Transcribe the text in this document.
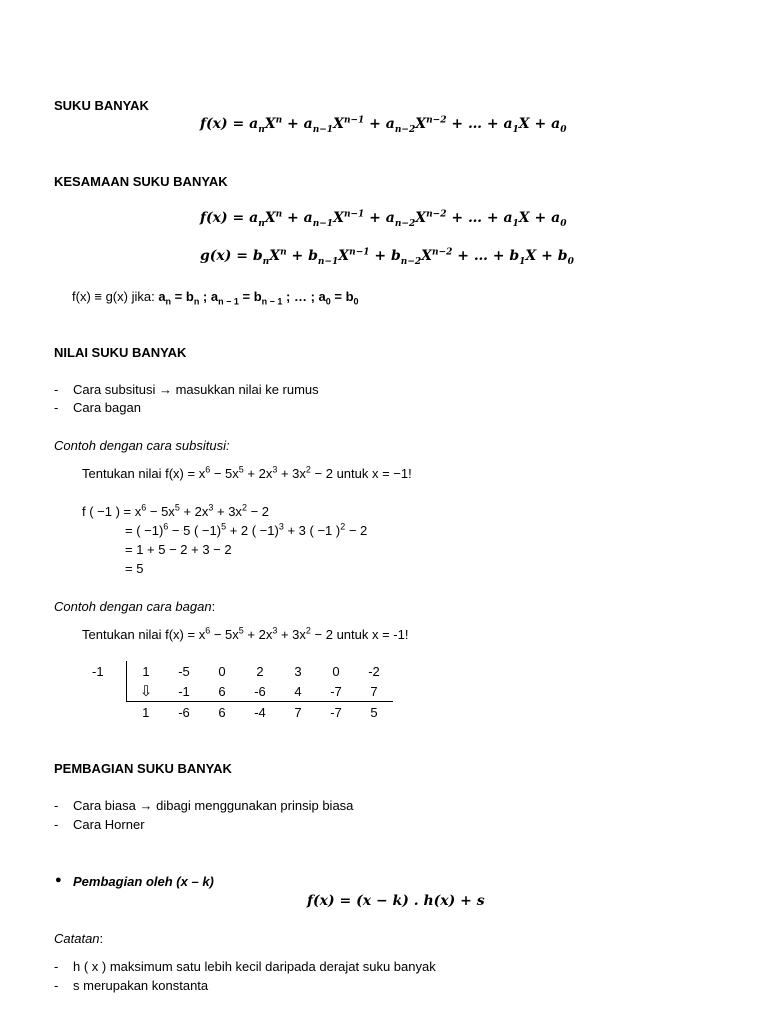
SUKU BANYAK
$f(x) = a_nX^n + a_{n-1}X^{n-1} + a_{n-2}X^{n-2}$ + … + $a_1X + a_0$
KESAMAAN SUKU BANYAK
$f(x) = a_nX^n + a_{n-1}X^{n-1} + a_{n-2}X^{n-2}$ + … + $a_1X + a_0$
$g(x) = b_nX^n + b_{n-1}X^{n-1} + b_{n-2}X^{n-2}$ + … + $b_1X + b_0$
f(x) ≡ g(x) jika: $a_n = b_n$ ; $a_{n - 1} = b_{n - 1}$ ; … ; $a_0 = b_0$
NILAI SUKU BANYAK
- Cara subsitusi → masukkan nilai ke rumus
- Cara bagan
Contoh dengan cara subsitusi:
Tentukan nilai $f(x) = x^6 - 5x^5 + 2x^3 + 3x^2 - 2$ untuk x = −1!
f ( −1 ) = $x^6 - 5x^5 + 2x^3 + 3x^2 - 2$
= ( −1)$^6$ − 5 ( −1)$^5$ + 2 ( −1)$^3$ + 3 ( −1 )$^2$ − 2
= 1 + 5 − 2 + 3 − 2
= 5
Contoh dengan cara bagan:
Tentukan nilai $f(x) = x^6 - 5x^5 + 2x^3 + 3x^2 - 2$ untuk x = -1!
-1	1	-5	0	2	3	0	-2
	⇩	-1	6	-6	4	-7	7
	1	-6	6	-4	7	-7	5
PEMBAGIAN SUKU BANYAK
- Cara biasa → dibagi menggunakan prinsip biasa
- Cara Horner
● Pembagian oleh (x – k)
f(x) = (x − k) . h(x) + s
Catatan:
- h ( x ) maksimum satu lebih kecil daripada derajat suku banyak
- s merupakan konstanta
